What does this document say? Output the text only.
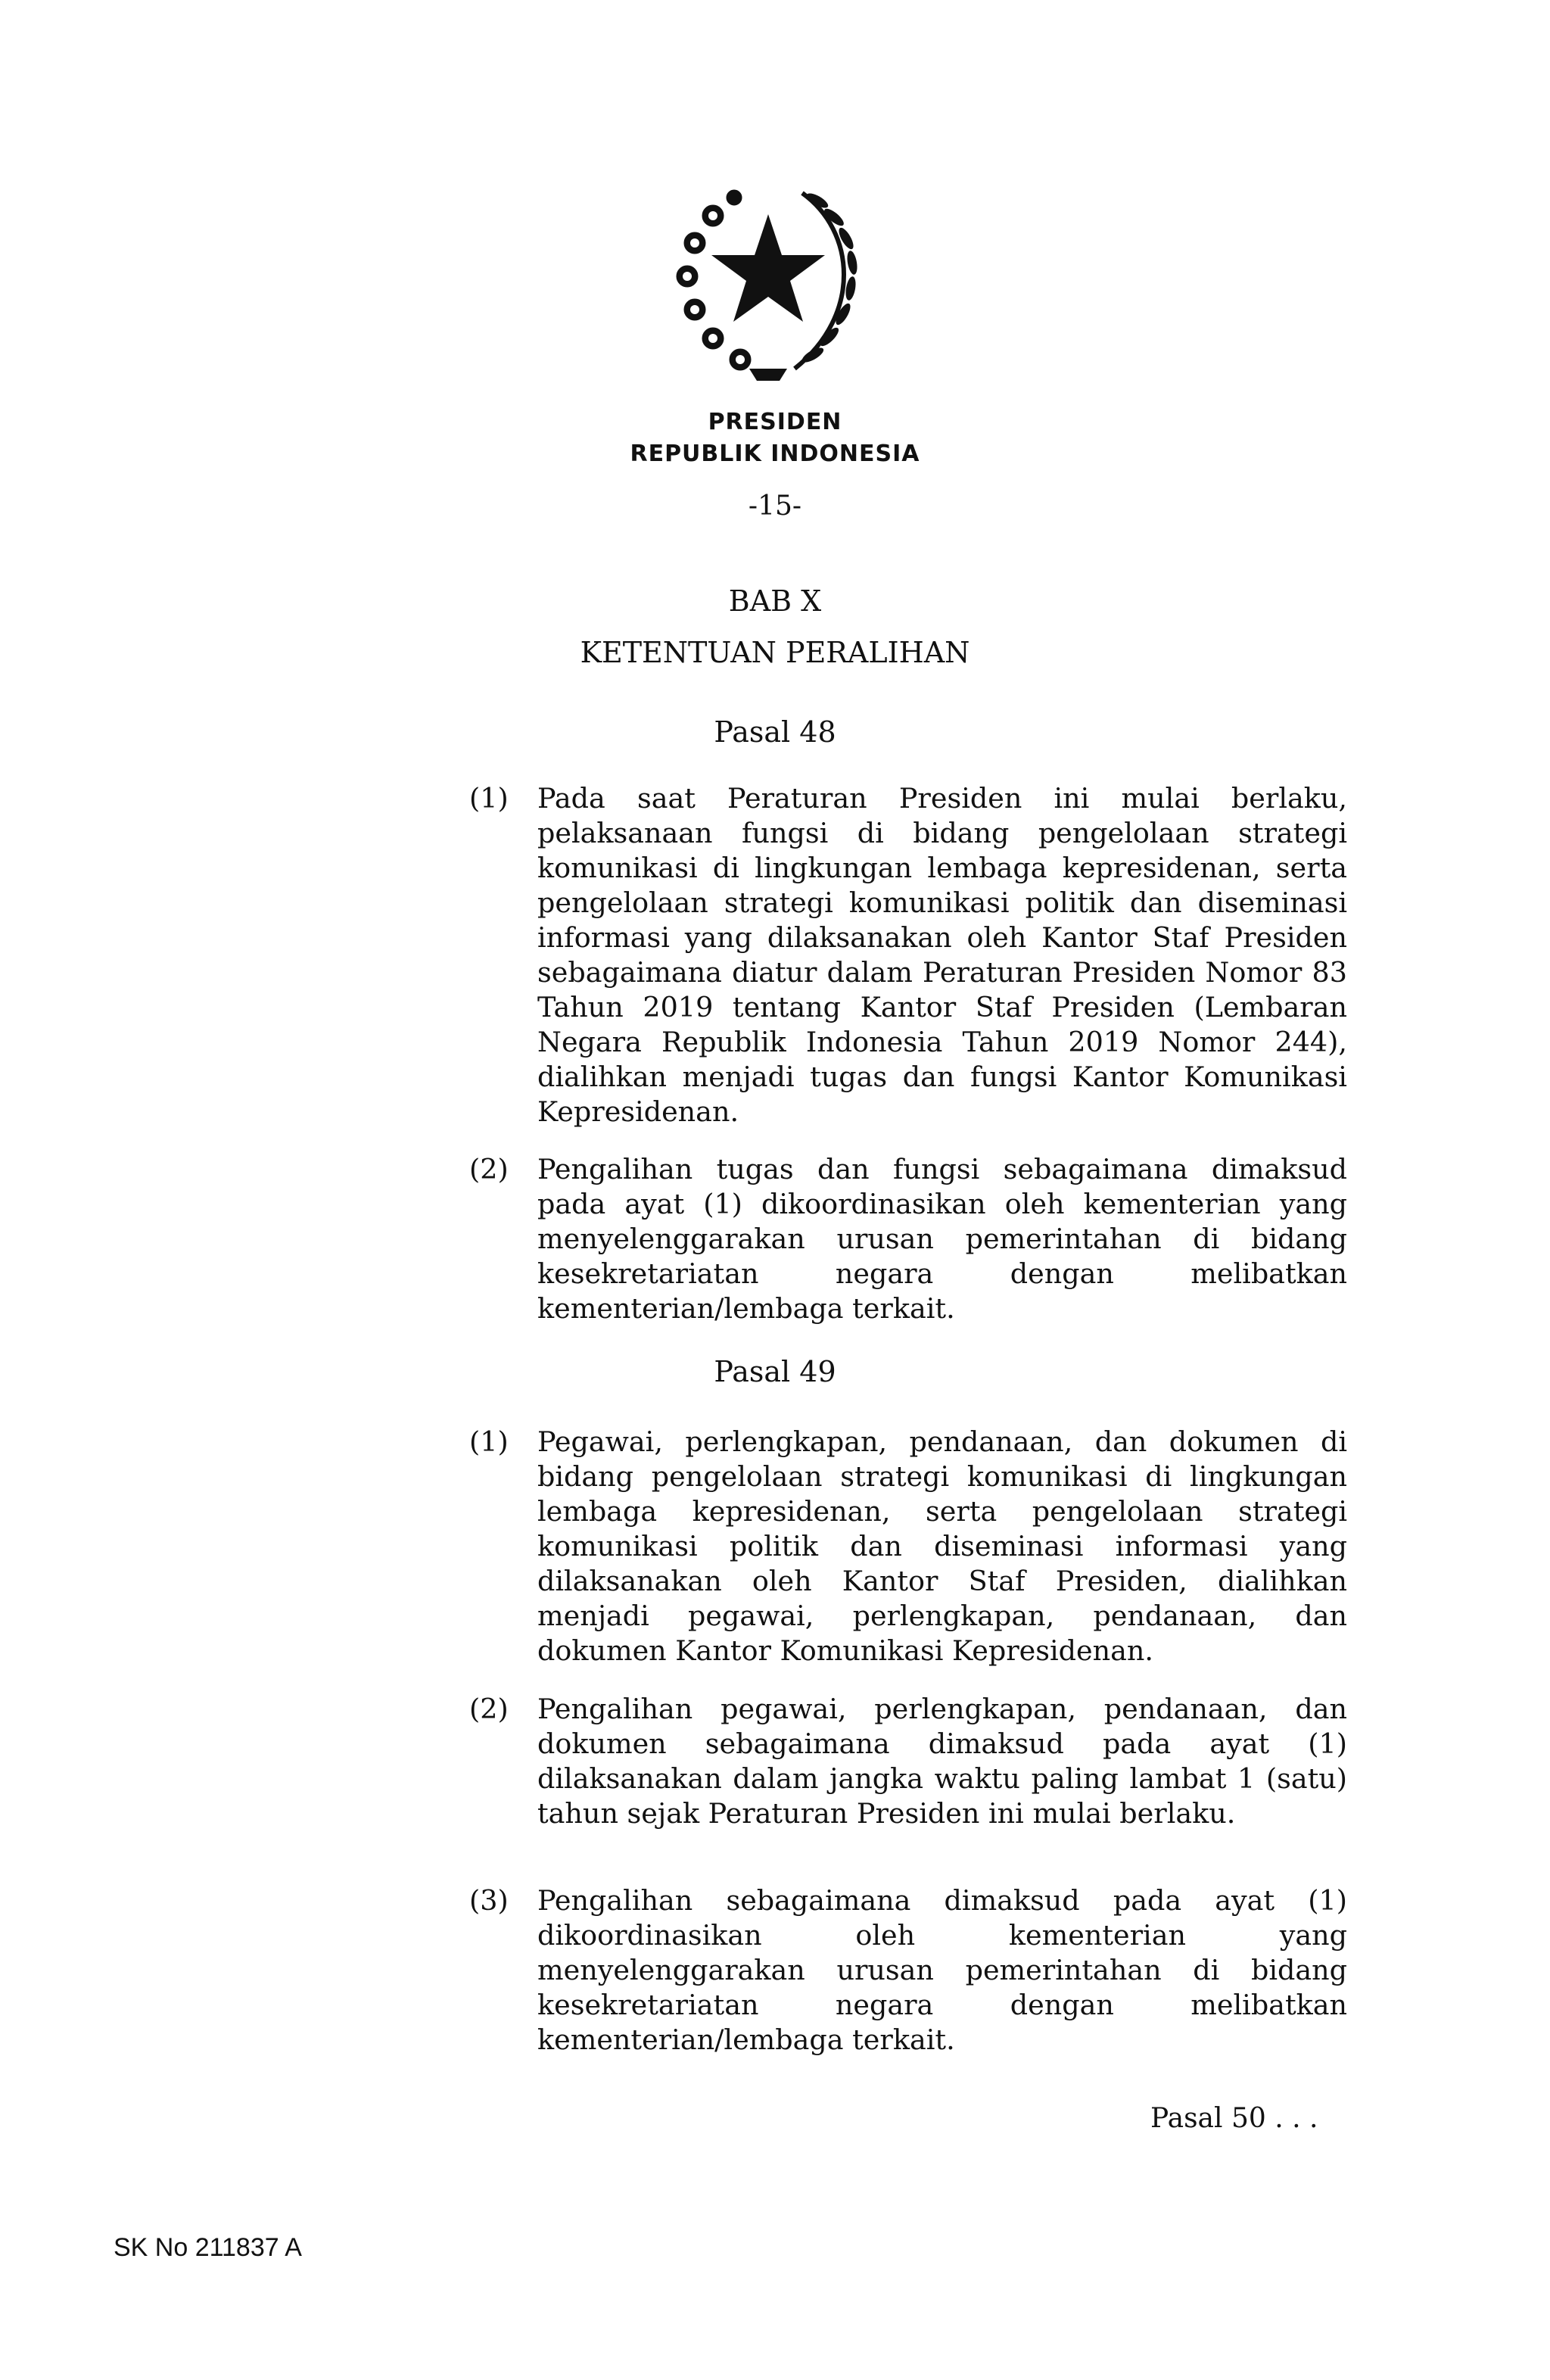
PRESIDEN
REPUBLIK INDONESIA
-15-
BAB X
KETENTUAN PERALIHAN
Pasal 48
(1)	Pada saat Peraturan Presiden ini mulai berlaku, pelaksanaan fungsi di bidang pengelolaan strategi komunikasi di lingkungan lembaga kepresidenan, serta pengelolaan strategi komunikasi politik dan diseminasi informasi yang dilaksanakan oleh Kantor Staf Presiden sebagaimana diatur dalam Peraturan Presiden Nomor 83 Tahun 2019 tentang Kantor Staf Presiden (Lembaran Negara Republik Indonesia Tahun 2019 Nomor 244), dialihkan menjadi tugas dan fungsi Kantor Komunikasi Kepresidenan.
(2)	Pengalihan tugas dan fungsi sebagaimana dimaksud pada ayat (1) dikoordinasikan oleh kementerian yang menyelenggarakan urusan pemerintahan di bidang kesekretariatan negara dengan melibatkan kementerian/lembaga terkait.
Pasal 49
(1)	Pegawai, perlengkapan, pendanaan, dan dokumen di bidang pengelolaan strategi komunikasi di lingkungan lembaga kepresidenan, serta pengelolaan strategi komunikasi politik dan diseminasi informasi yang dilaksanakan oleh Kantor Staf Presiden, dialihkan menjadi pegawai, perlengkapan, pendanaan, dan dokumen Kantor Komunikasi Kepresidenan.
(2)	Pengalihan pegawai, perlengkapan, pendanaan, dan dokumen sebagaimana dimaksud pada ayat (1) dilaksanakan dalam jangka waktu paling lambat 1 (satu) tahun sejak Peraturan Presiden ini mulai berlaku.
(3)	Pengalihan sebagaimana dimaksud pada ayat (1) dikoordinasikan oleh kementerian yang menyelenggarakan urusan pemerintahan di bidang kesekretariatan negara dengan melibatkan kementerian/lembaga terkait.
Pasal 50 . . .
SK No 211837 A
